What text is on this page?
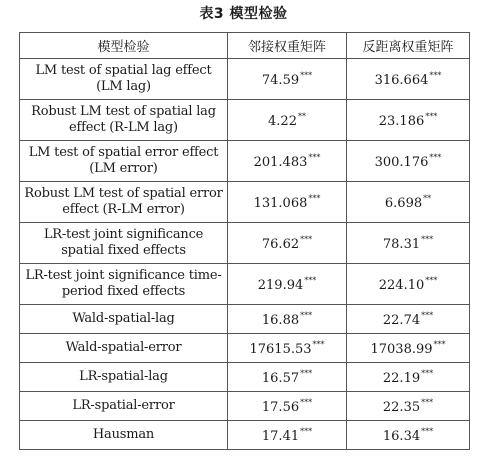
表3 模型检验
模型检验	邻接权重矩阵	反距离权重矩阵
LM test of spatial lag effect (LM lag)	74.59***	316.664***
Robust LM test of spatial lag effect (R-LM lag)	4.22**	23.186***
LM test of spatial error effect (LM error)	201.483***	300.176***
Robust LM test of spatial error effect (R-LM error)	131.068***	6.698**
LR-test joint significance spatial fixed effects	76.62***	78.31***
LR-test joint significance time-period fixed effects	219.94***	224.10***
Wald-spatial-lag	16.88***	22.74***
Wald-spatial-error	17615.53***	17038.99***
LR-spatial-lag	16.57***	22.19***
LR-spatial-error	17.56***	22.35***
Hausman	17.41***	16.34***
